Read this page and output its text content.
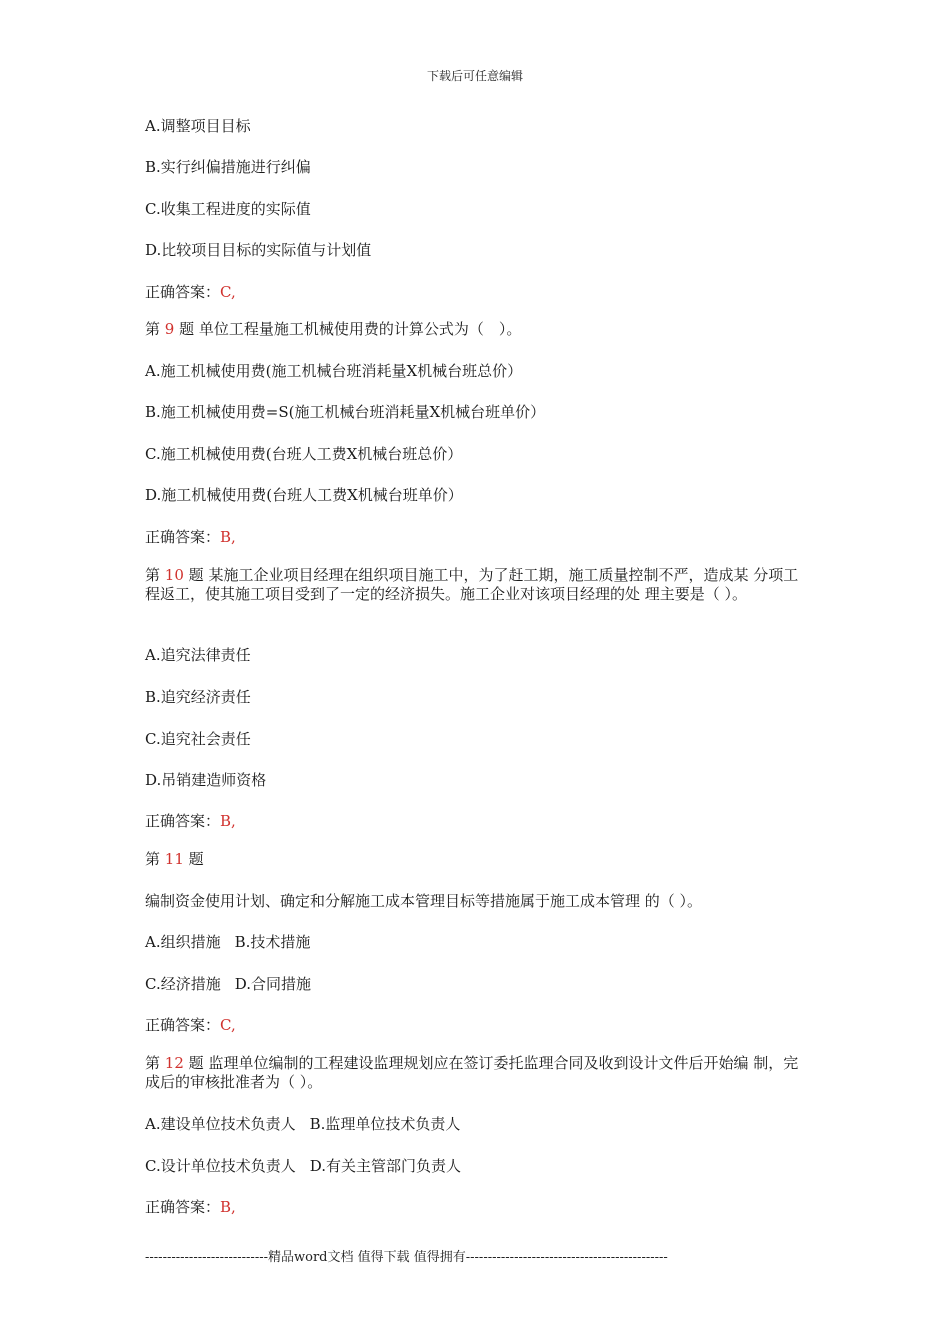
下载后可任意编辑
A.调整项目目标
B.实行纠偏措施进行纠偏
C.收集工程进度的实际值
D.比较项目目标的实际值与计划值
正确答案：C,
第 9 题 单位工程量施工机械使用费的计算公式为（　）。
A.施工机械使用费(施工机械台班消耗量X机械台班总价）
B.施工机械使用费=S(施工机械台班消耗量X机械台班单价）
C.施工机械使用费(台班人工费X机械台班总价）
D.施工机械使用费(台班人工费X机械台班单价）
正确答案：B,
第 10 题 某施工企业项目经理在组织项目施工中，为了赶工期，施工质量控制不严，造成某 分项工程返工，使其施工项目受到了一定的经济损失。施工企业对该项目经理的处 理主要是（ ）。
A.追究法律责任
B.追究经济责任
C.追究社会责任
D.吊销建造师资格
正确答案：B,
第 11 题
编制资金使用计划、确定和分解施工成本管理目标等措施属于施工成本管理 的（ ）。
A.组织措施 B.技术措施
C.经济措施 D.合同措施
正确答案：C,
第 12 题 监理单位编制的工程建设监理规划应在签订委托监理合同及收到设计文件后开始编 制，完成后的审核批准者为（ ）。
A.建设单位技术负责人 B.监理单位技术负责人
C.设计单位技术负责人 D.有关主管部门负责人
正确答案：B,
----------------------------精品word文档 值得下载 值得拥有----------------------------------------------
